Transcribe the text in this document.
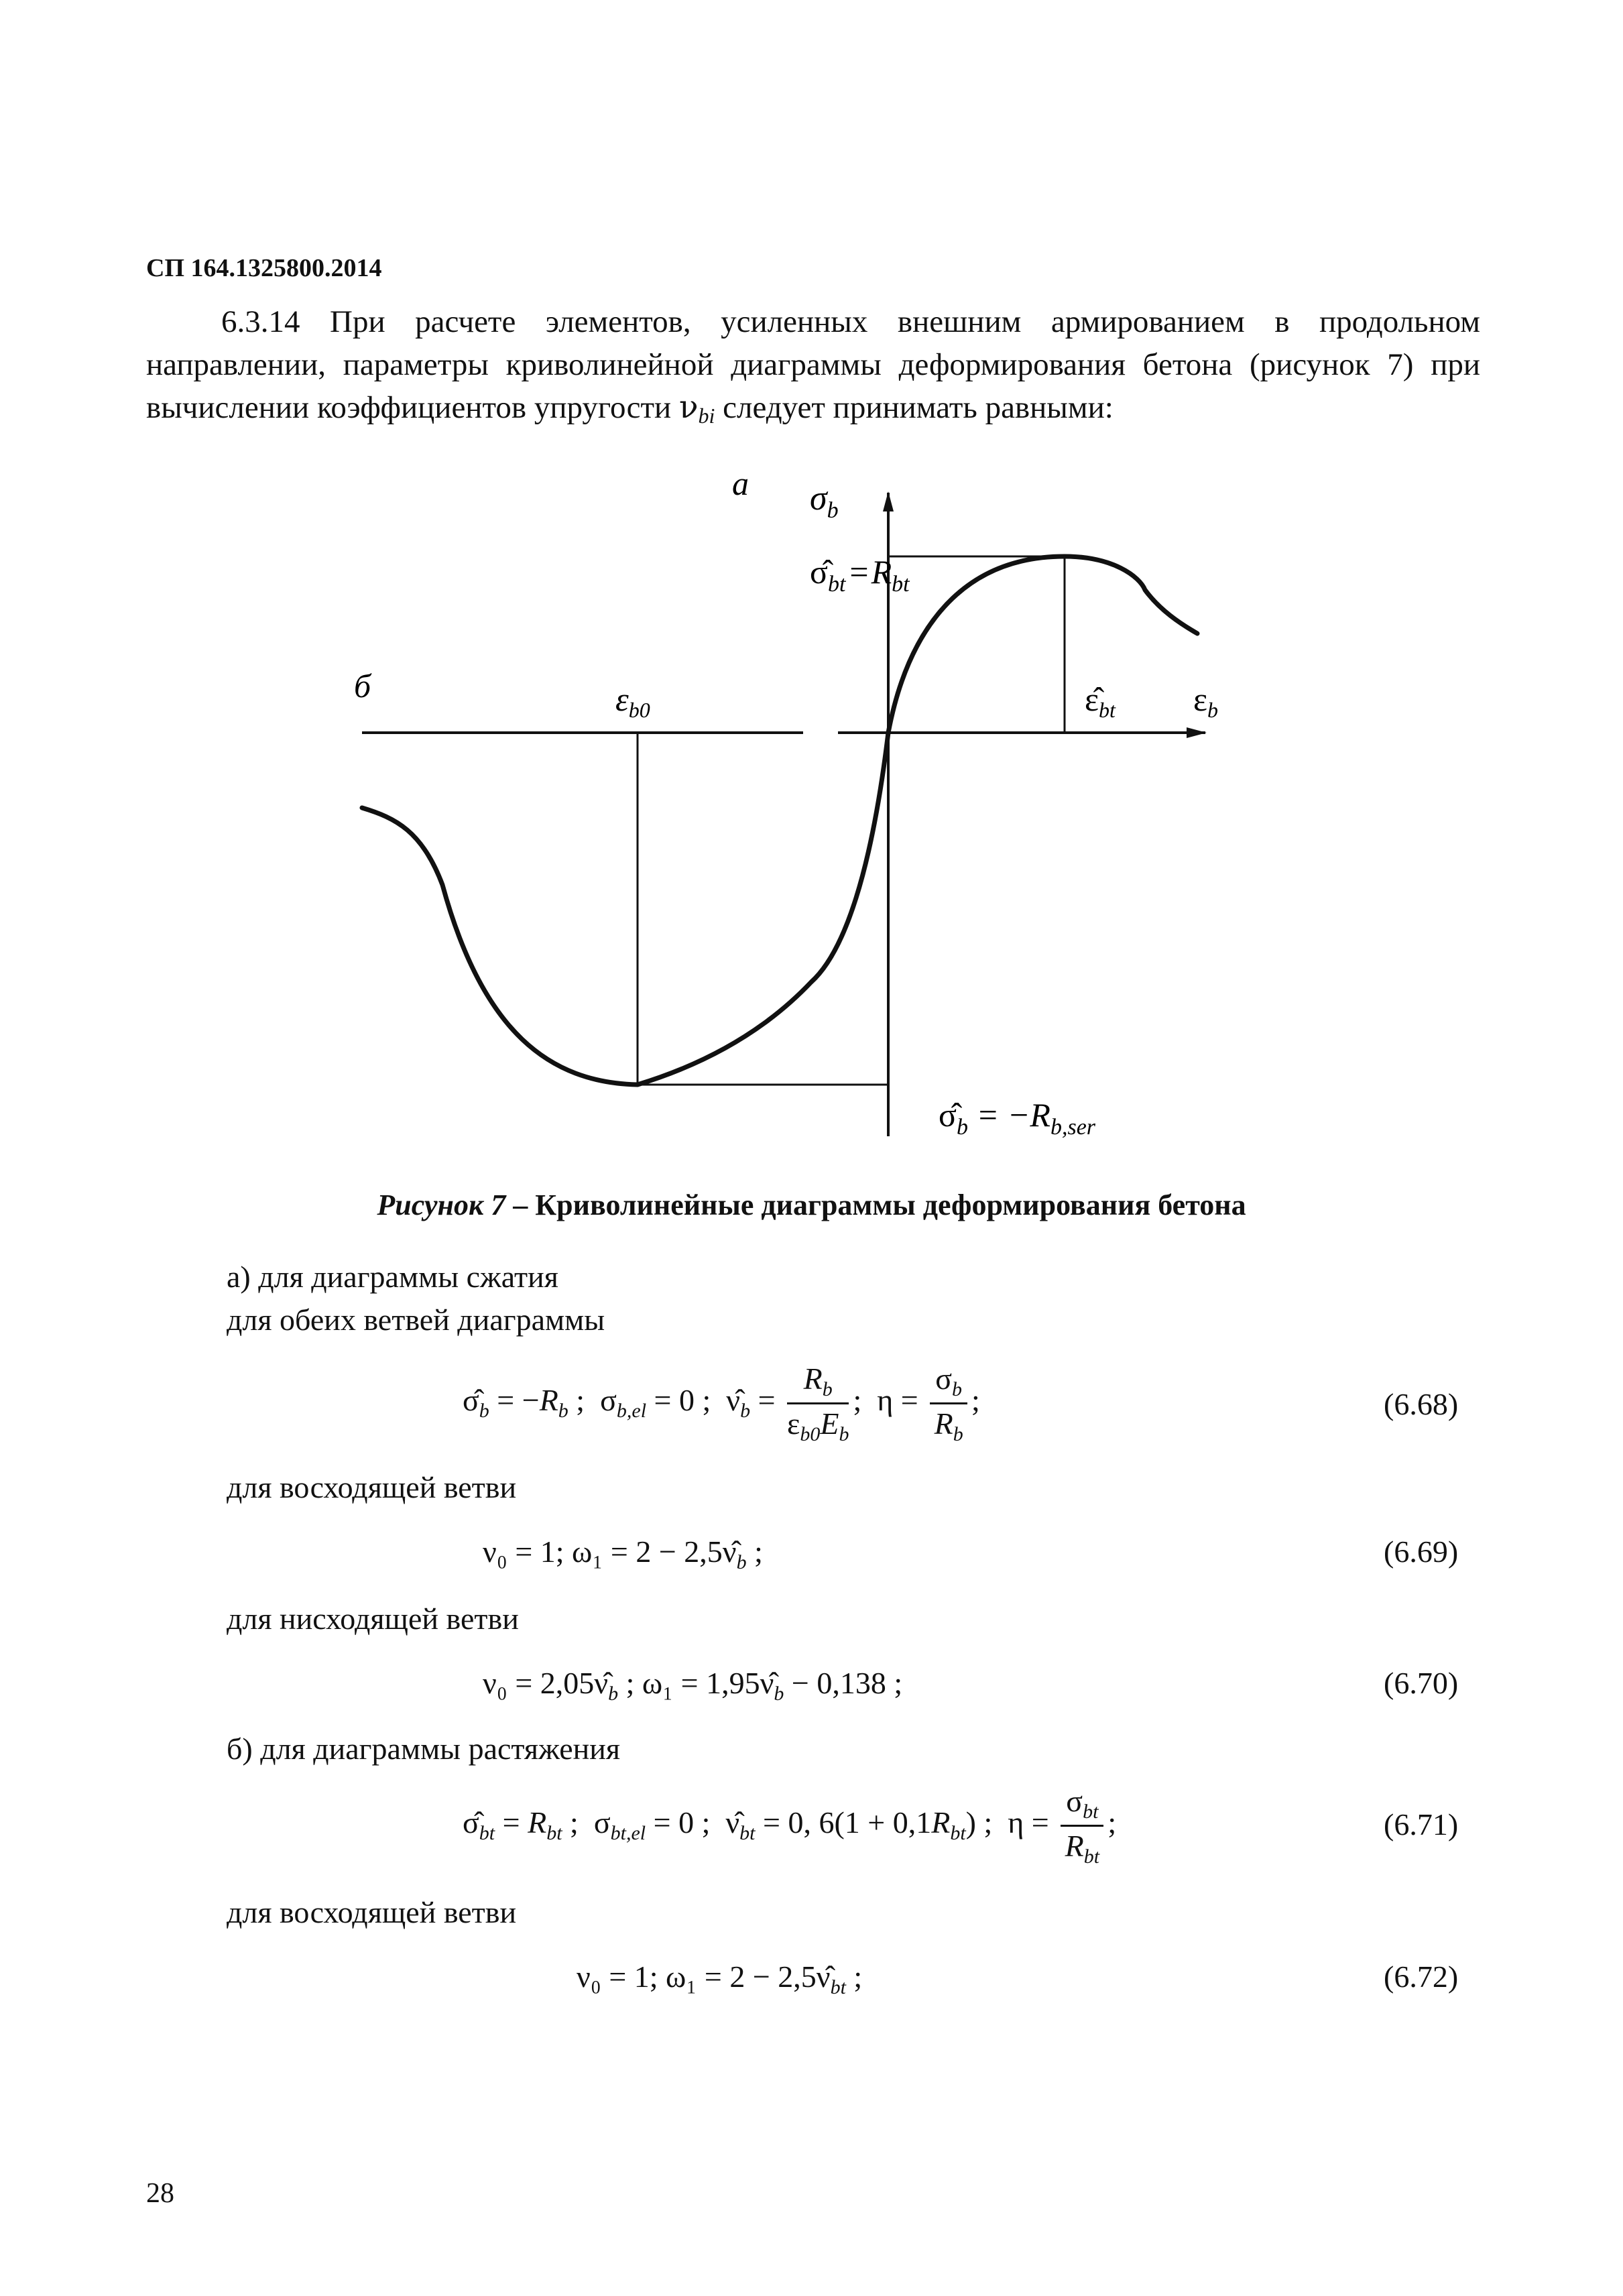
СП 164.1325800.2014

6.3.14 При расчете элементов, усиленных внешним армированием в продольном направлении, параметры криволинейной диаграммы деформирования бетона (рисунок 7) при вычислении коэффициентов упругости $\nu_{bi}$ следует принимать равными:

а
б
$\sigma_b$
$\sigmâ_{bt} =R_{bt}$
$\varepsilon̂_{bt}$ $\varepsilon_b$
$\varepsilon_{b0}$
$\sigmâ_b = -R_{b,ser}$
Рисунок 7 – Криволинейные диаграммы деформирования бетона
а) для диаграммы сжатия
для обеих ветвей диаграммы
$\sigmâ_b = -R_b$ ;  $\sigma_{b,el} = 0$ ;  $\nû_b = \frac{R_b}{\varepsilon_{b0}E_b}$ ;  $\eta = \frac{\sigma_b}{R_b}$ ;	(6.68)
для восходящей ветви
ν₀ = 1; $\omega_1 = 2 - 2,5\nû_b$ ;	(6.69)
для нисходящей ветви
$\nu_0 = 2,05\nû_b$ ; $\omega_1 = 1,95\nû_b - 0,138$ ;	(6.70)
б) для диаграммы растяжения
$\sigmâ_{bt} = R_{bt}$ ;  $\sigma_{bt,el} = 0$ ;  $\nû_{bt} = 0$, $6(1 + 0,1R_{bt})$ ;  $\eta = \frac{\sigma_{bt}}{R_{bt}}$ ;	(6.71)
для восходящей ветви
ν₀ = 1; $\omega_1 = 2 - 2,5\nû_{bt}$ ;	(6.72)
28
